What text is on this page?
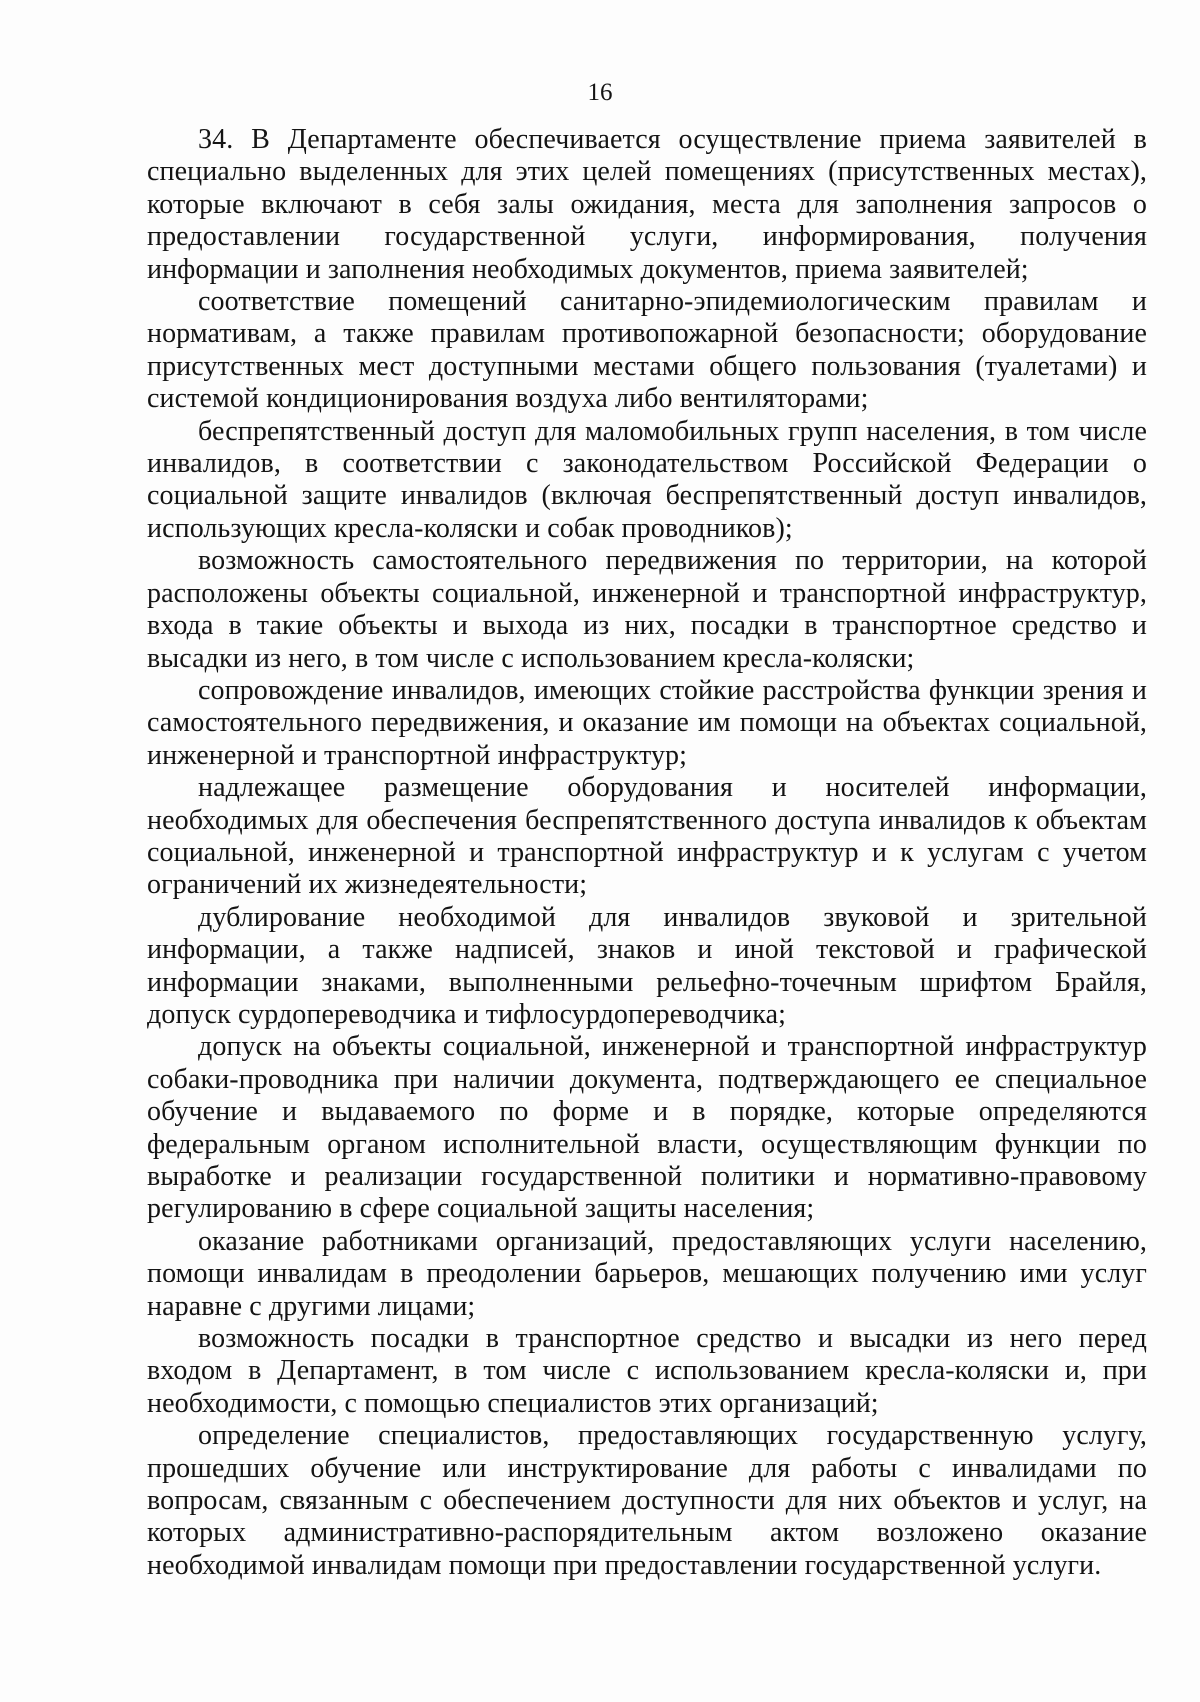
16

34. В Департаменте обеспечивается осуществление приема заявителей в специально выделенных для этих целей помещениях (присутственных местах), которые включают в себя залы ожидания, места для заполнения запросов о предоставлении государственной услуги, информирования, получения информации и заполнения необходимых документов, приема заявителей;

соответствие помещений санитарно-эпидемиологическим правилам и нормативам, а также правилам противопожарной безопасности; оборудование присутственных мест доступными местами общего пользования (туалетами) и системой кондиционирования воздуха либо вентиляторами;

беспрепятственный доступ для маломобильных групп населения, в том числе инвалидов, в соответствии с законодательством Российской Федерации о социальной защите инвалидов (включая беспрепятственный доступ инвалидов, использующих кресла-коляски и собак проводников);

возможность самостоятельного передвижения по территории, на которой расположены объекты социальной, инженерной и транспортной инфраструктур, входа в такие объекты и выхода из них, посадки в транспортное средство и высадки из него, в том числе с использованием кресла-коляски;

сопровождение инвалидов, имеющих стойкие расстройства функции зрения и самостоятельного передвижения, и оказание им помощи на объектах социальной, инженерной и транспортной инфраструктур;

надлежащее размещение оборудования и носителей информации, необходимых для обеспечения беспрепятственного доступа инвалидов к объектам социальной, инженерной и транспортной инфраструктур и к услугам с учетом ограничений их жизнедеятельности;

дублирование необходимой для инвалидов звуковой и зрительной информации, а также надписей, знаков и иной текстовой и графической информации знаками, выполненными рельефно-точечным шрифтом Брайля, допуск сурдопереводчика и тифлосурдопереводчика;

допуск на объекты социальной, инженерной и транспортной инфраструктур собаки-проводника при наличии документа, подтверждающего ее специальное обучение и выдаваемого по форме и в порядке, которые определяются федеральным органом исполнительной власти, осуществляющим функции по выработке и реализации государственной политики и нормативно-правовому регулированию в сфере социальной защиты населения;

оказание работниками организаций, предоставляющих услуги населению, помощи инвалидам в преодолении барьеров, мешающих получению ими услуг наравне с другими лицами;

возможность посадки в транспортное средство и высадки из него перед входом в Департамент, в том числе с использованием кресла-коляски и, при необходимости, с помощью специалистов этих организаций;

определение специалистов, предоставляющих государственную услугу, прошедших обучение или инструктирование для работы с инвалидами по вопросам, связанным с обеспечением доступности для них объектов и услуг, на которых административно-распорядительным актом возложено оказание необходимой инвалидам помощи при предоставлении государственной услуги.
